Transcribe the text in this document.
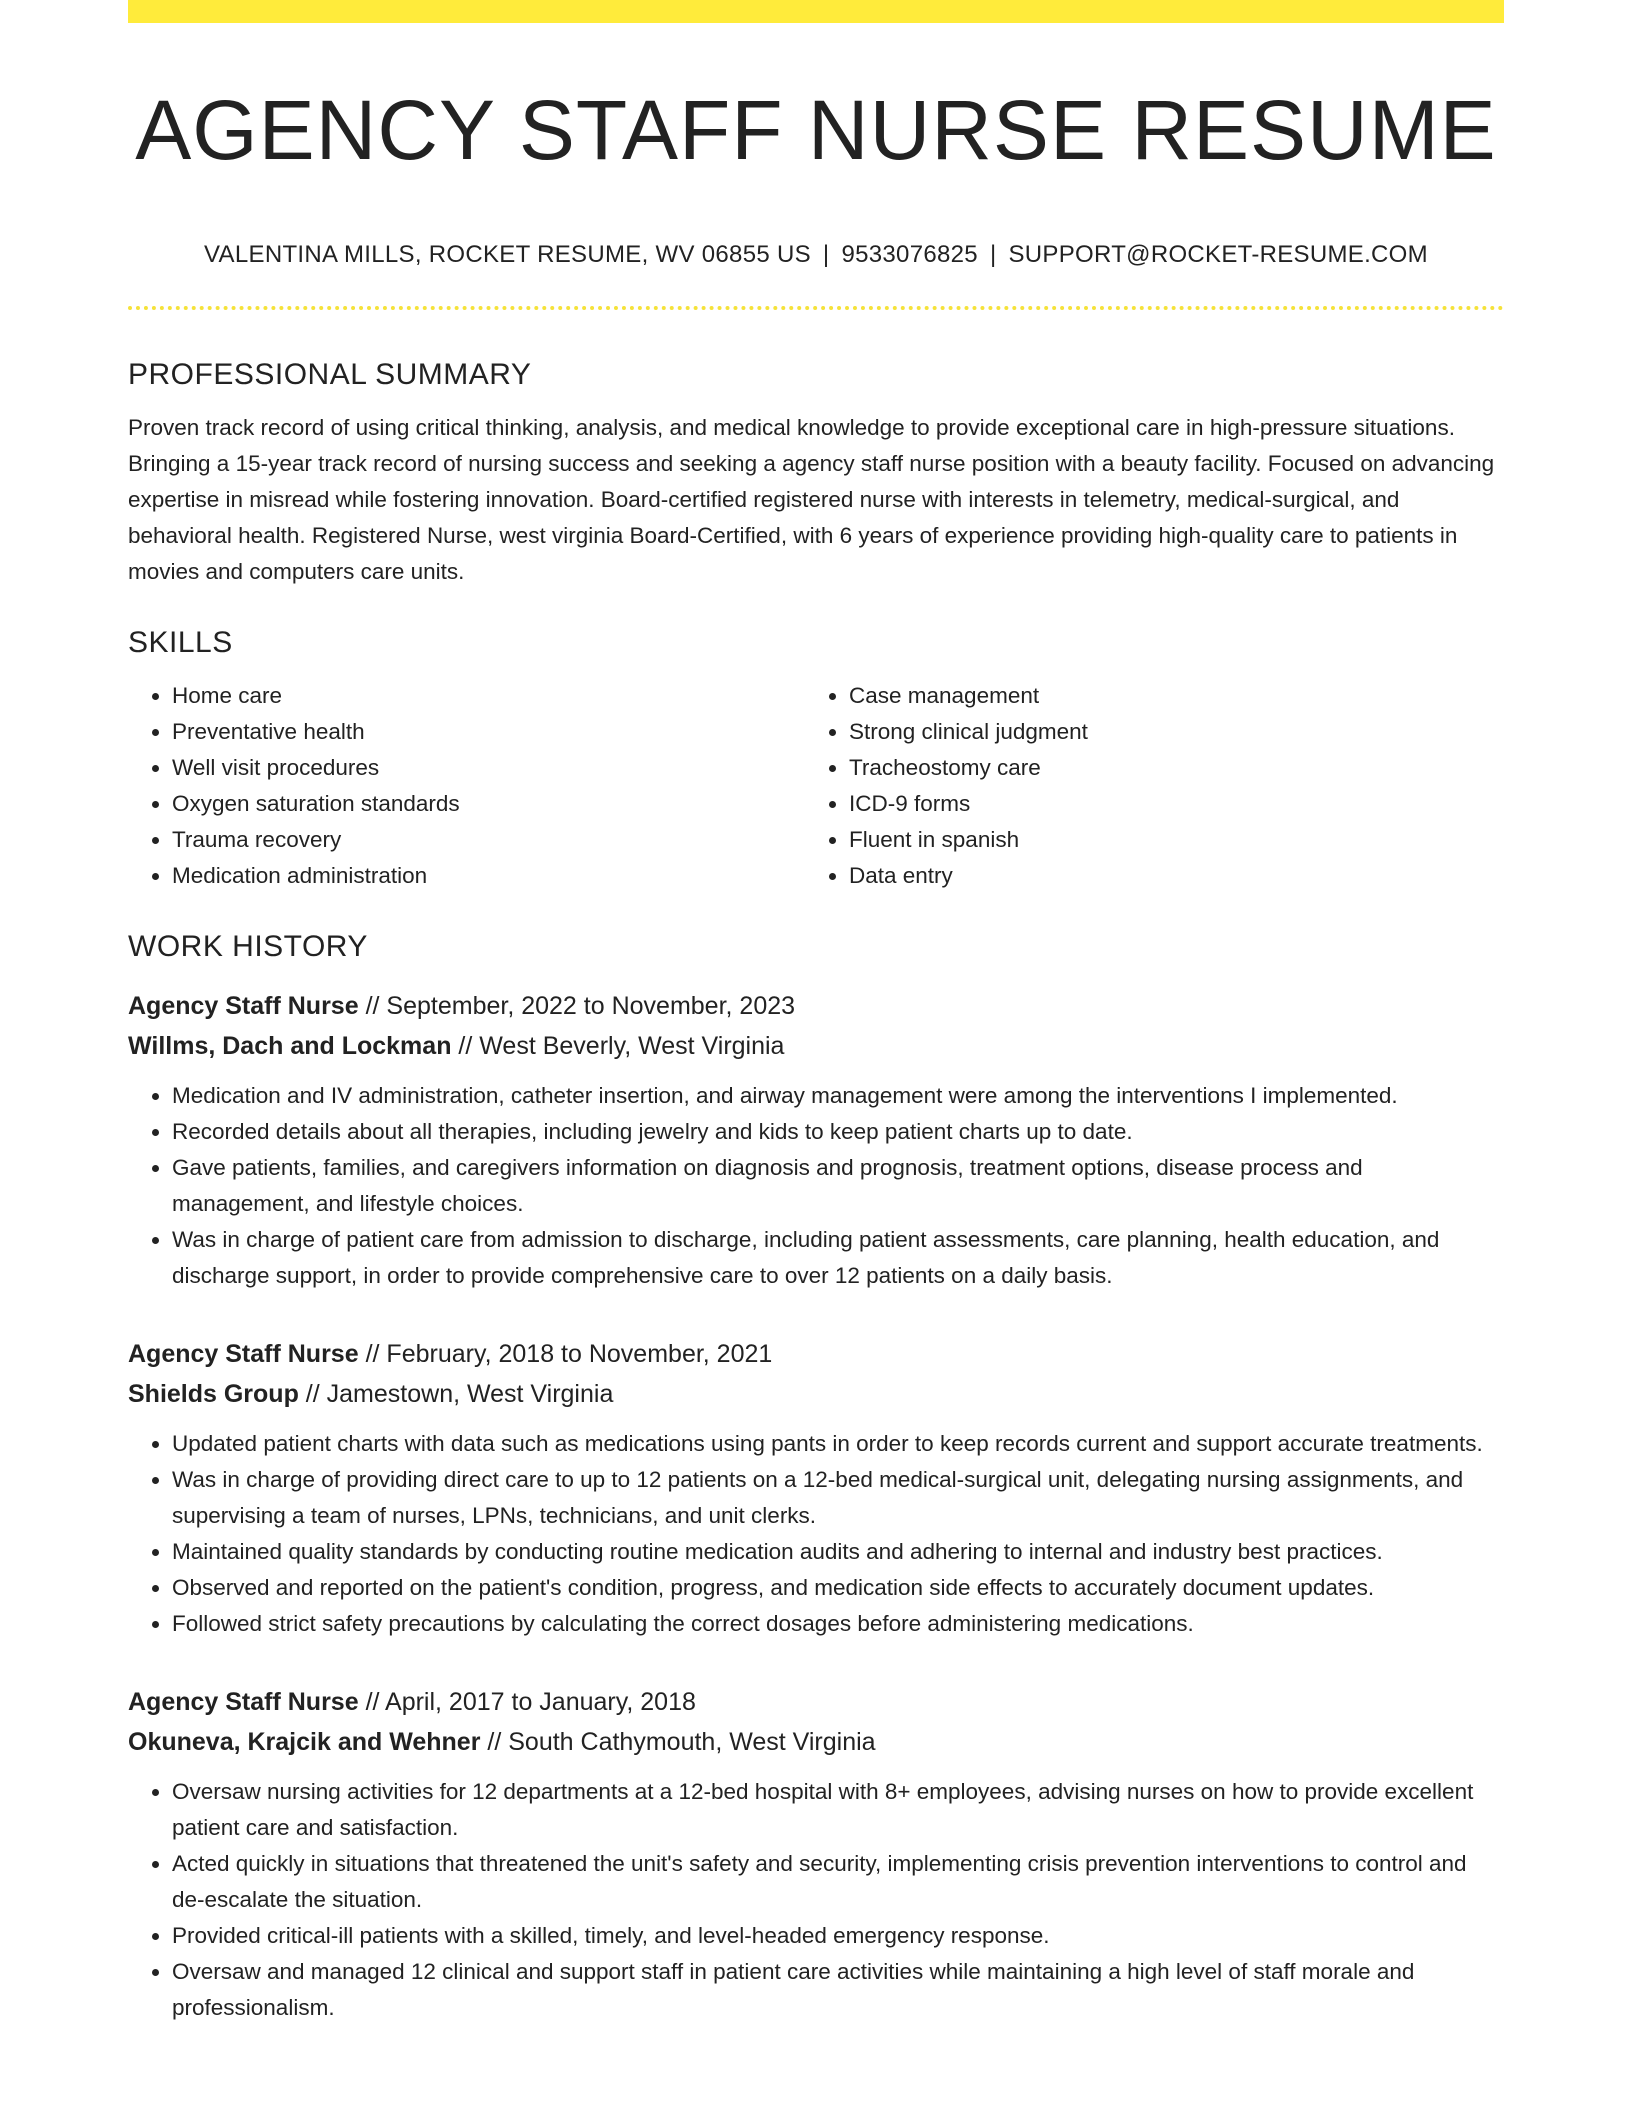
AGENCY STAFF NURSE RESUME
VALENTINA MILLS, ROCKET RESUME, WV 06855 US | 9533076825 | SUPPORT@ROCKET-RESUME.COM
PROFESSIONAL SUMMARY

Proven track record of using critical thinking, analysis, and medical knowledge to provide exceptional care in high-pressure situations. Bringing a 15-year track record of nursing success and seeking a agency staff nurse position with a beauty facility. Focused on advancing expertise in misread while fostering innovation. Board-certified registered nurse with interests in telemetry, medical-surgical, and behavioral health. Registered Nurse, west virginia Board-Certified, with 6 years of experience providing high-quality care to patients in movies and computers care units.

SKILLS
• Home care
• Preventative health
• Well visit procedures
• Oxygen saturation standards
• Trauma recovery
• Medication administration
• Case management
• Strong clinical judgment
• Tracheostomy care
• ICD-9 forms
• Fluent in spanish
• Data entry
WORK HISTORY
Agency Staff Nurse // September, 2022 to November, 2023
Willms, Dach and Lockman // West Beverly, West Virginia
• Medication and IV administration, catheter insertion, and airway management were among the interventions I implemented.
• Recorded details about all therapies, including jewelry and kids to keep patient charts up to date.
• Gave patients, families, and caregivers information on diagnosis and prognosis, treatment options, disease process and management, and lifestyle choices.
• Was in charge of patient care from admission to discharge, including patient assessments, care planning, health education, and discharge support, in order to provide comprehensive care to over 12 patients on a daily basis.
Agency Staff Nurse // February, 2018 to November, 2021
Shields Group // Jamestown, West Virginia
• Updated patient charts with data such as medications using pants in order to keep records current and support accurate treatments.
• Was in charge of providing direct care to up to 12 patients on a 12-bed medical-surgical unit, delegating nursing assignments, and supervising a team of nurses, LPNs, technicians, and unit clerks.
• Maintained quality standards by conducting routine medication audits and adhering to internal and industry best practices.
• Observed and reported on the patient's condition, progress, and medication side effects to accurately document updates.
• Followed strict safety precautions by calculating the correct dosages before administering medications.
Agency Staff Nurse // April, 2017 to January, 2018
Okuneva, Krajcik and Wehner // South Cathymouth, West Virginia
• Oversaw nursing activities for 12 departments at a 12-bed hospital with 8+ employees, advising nurses on how to provide excellent patient care and satisfaction.
• Acted quickly in situations that threatened the unit's safety and security, implementing crisis prevention interventions to control and de-escalate the situation.
• Provided critical-ill patients with a skilled, timely, and level-headed emergency response.
• Oversaw and managed 12 clinical and support staff in patient care activities while maintaining a high level of staff morale and professionalism.
